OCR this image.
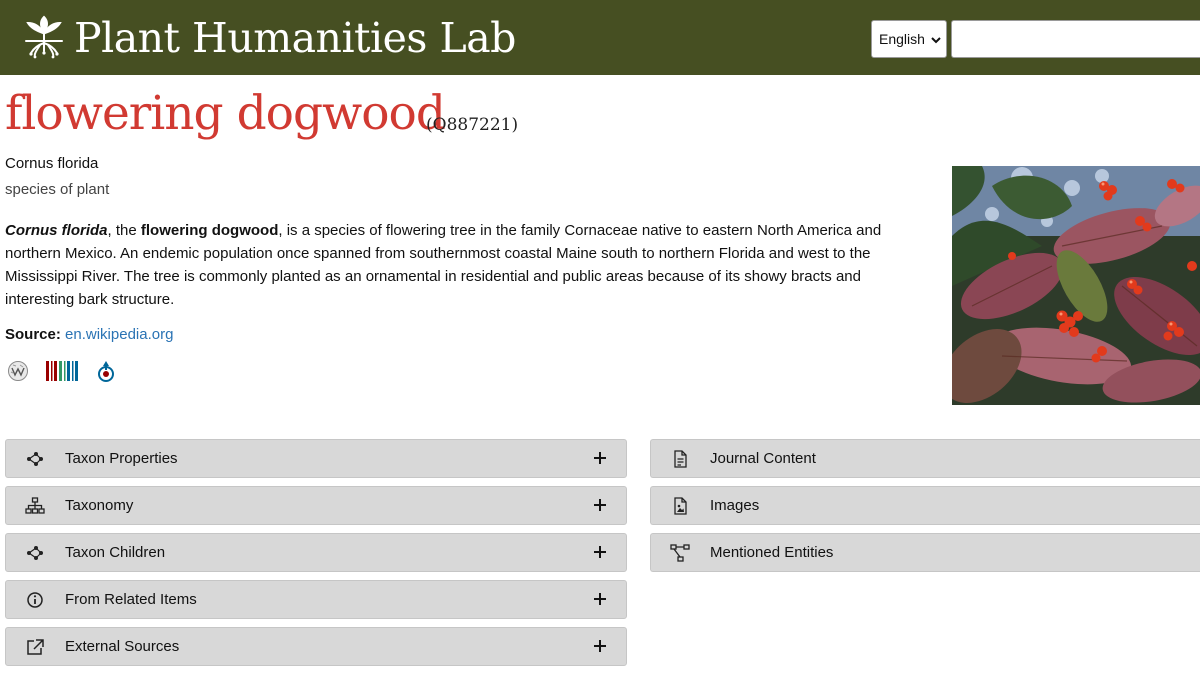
Plant Humanities Lab	English
flowering dogwood
(Q887221)
Cornus florida
species of plant
Cornus florida, the flowering dogwood, is a species of flowering tree in the family Cornaceae native to eastern North America and northern Mexico. An endemic population once spanned from southernmost coastal Maine south to northern Florida and west to the Mississippi River. The tree is commonly planted as an ornamental in residential and public areas because of its showy bracts and interesting bark structure.
Source: en.wikipedia.org
Taxon Properties
Taxonomy
Taxon Children
From Related Items
External Sources
Journal Content
Images
Mentioned Entities
